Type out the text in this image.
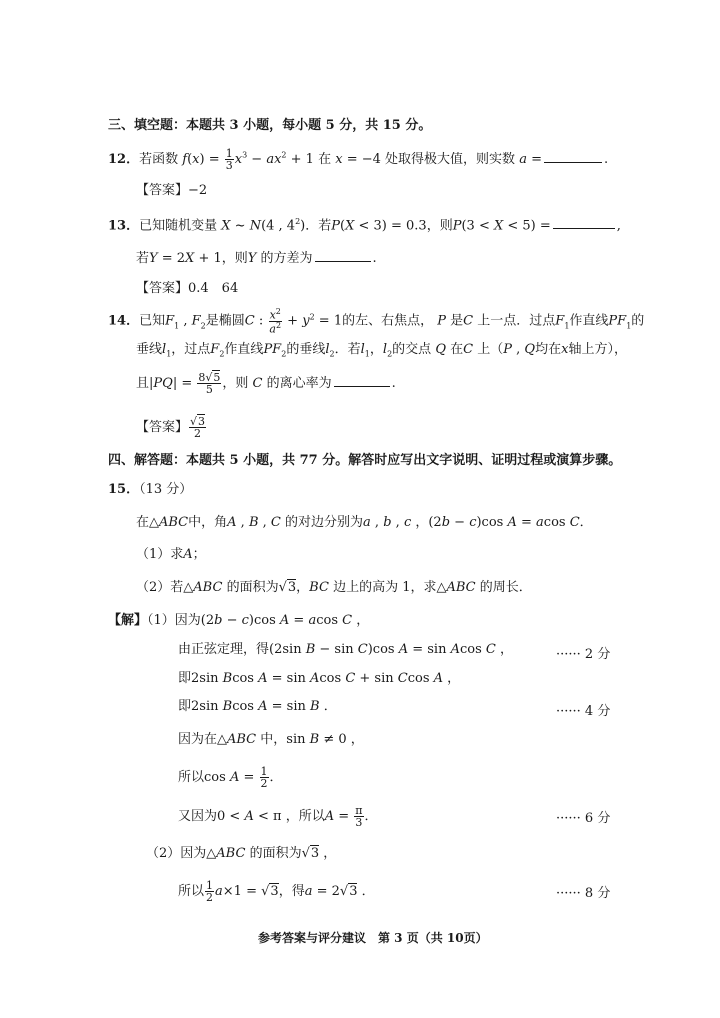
三、填空题：本题共 3 小题，每小题 5 分，共 15 分。
12．若函数 $f(x) = \frac{1}{3} x^3 - ax^2 + 1$ 在 x = −4 处取得极大值，则实数 a =	.
【答案】−2
13．已知随机变量 X ~ N(4 , $4^2$)．若P(X < 3) = 0.3，则P(3 < X < 5) =	,
若Y = 2X + 1，则Y 的方差为	.
【答案】0.4　64
14．已知$F_1$ , $F_2$是椭圆C : $\frac{x^2}{a^2} + y^2 = 1$的左、右焦点， P 是C 上一点．过点$F_1$作直线$PF_1$的
垂线$l_1$，过点$F_2$作直线$PF_2$的垂线$l_2$．若$l_1$，$l_2$的交点 Q 在C 上（P , Q均在x轴上方），
且$|PQ| = \frac{8√5}{5}$ ，则 C 的离心率为	.
【答案】 $\frac{√3}{2}$
四、解答题：本题共 5 小题，共 77 分。解答时应写出文字说明、证明过程或演算步骤。
15．（13 分）
在△ABC中，角A , B , C 的对边分别为a , b , c ，(2b − c)cos A = acos C．
（1）求A；
（2）若△ABC 的面积为√3，BC 边上的高为 1，求△ABC 的周长．
【解】（1）因为(2b − c)cos A = acos C ，
由正弦定理，得(2sin B − sin C)cos A = sin Acos C ，	······ 2 分
即2sin Bcos A = sin Acos C + sin Ccos A ，
即2sin Bcos A = sin B ．	······ 4 分
因为在△ABC 中，sin B ≠ 0 ，
所以$\cos A = \frac{1}{2}$ ．
又因为0 < A < π ，所以$A = \frac{\pi}{3}$ ．	······ 6 分
（2）因为△ABC 的面积为√3 ，
所以 $\frac{1}{2} a\times 1 = √3$，得a = 2√3 ．	······ 8 分
参考答案与评分建议　第 3 页（共 10页）
